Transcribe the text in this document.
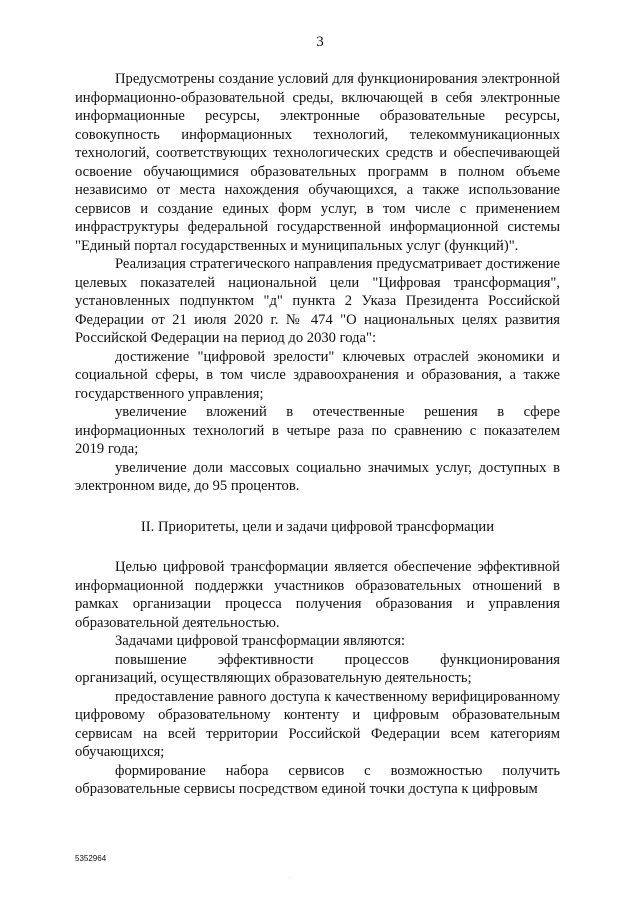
3

Предусмотрены создание условий для функционирования электронной информационно-образовательной среды, включающей в себя электронные информационные ресурсы, электронные образовательные ресурсы, совокупность информационных технологий, телекоммуникационных технологий, соответствующих технологических средств и обеспечивающей освоение обучающимися образовательных программ в полном объеме независимо от места нахождения обучающихся, а также использование сервисов и создание единых форм услуг, в том числе с применением инфраструктуры федеральной государственной информационной системы "Единый портал государственных и муниципальных услуг (функций)".

Реализация стратегического направления предусматривает достижение целевых показателей национальной цели "Цифровая трансформация", установленных подпунктом "д" пункта 2 Указа Президента Российской Федерации от 21 июля 2020 г. № 474 "О национальных целях развития Российской Федерации на период до 2030 года":

достижение "цифровой зрелости" ключевых отраслей экономики и социальной сферы, в том числе здравоохранения и образования, а также государственного управления;

увеличение вложений в отечественные решения в сфере информационных технологий в четыре раза по сравнению с показателем 2019 года;

увеличение доли массовых социально значимых услуг, доступных в электронном виде, до 95 процентов.

II. Приоритеты, цели и задачи цифровой трансформации

Целью цифровой трансформации является обеспечение эффективной информационной поддержки участников образовательных отношений в рамках организации процесса получения образования и управления образовательной деятельностью.

Задачами цифровой трансформации являются:

повышение эффективности процессов функционирования организаций, осуществляющих образовательную деятельность;

предоставление равного доступа к качественному верифицированному цифровому образовательному контенту и цифровым образовательным сервисам на всей территории Российской Федерации всем категориям обучающихся;

формирование набора сервисов с возможностью получить образовательные сервисы посредством единой точки доступа к цифровым

5352964
.
